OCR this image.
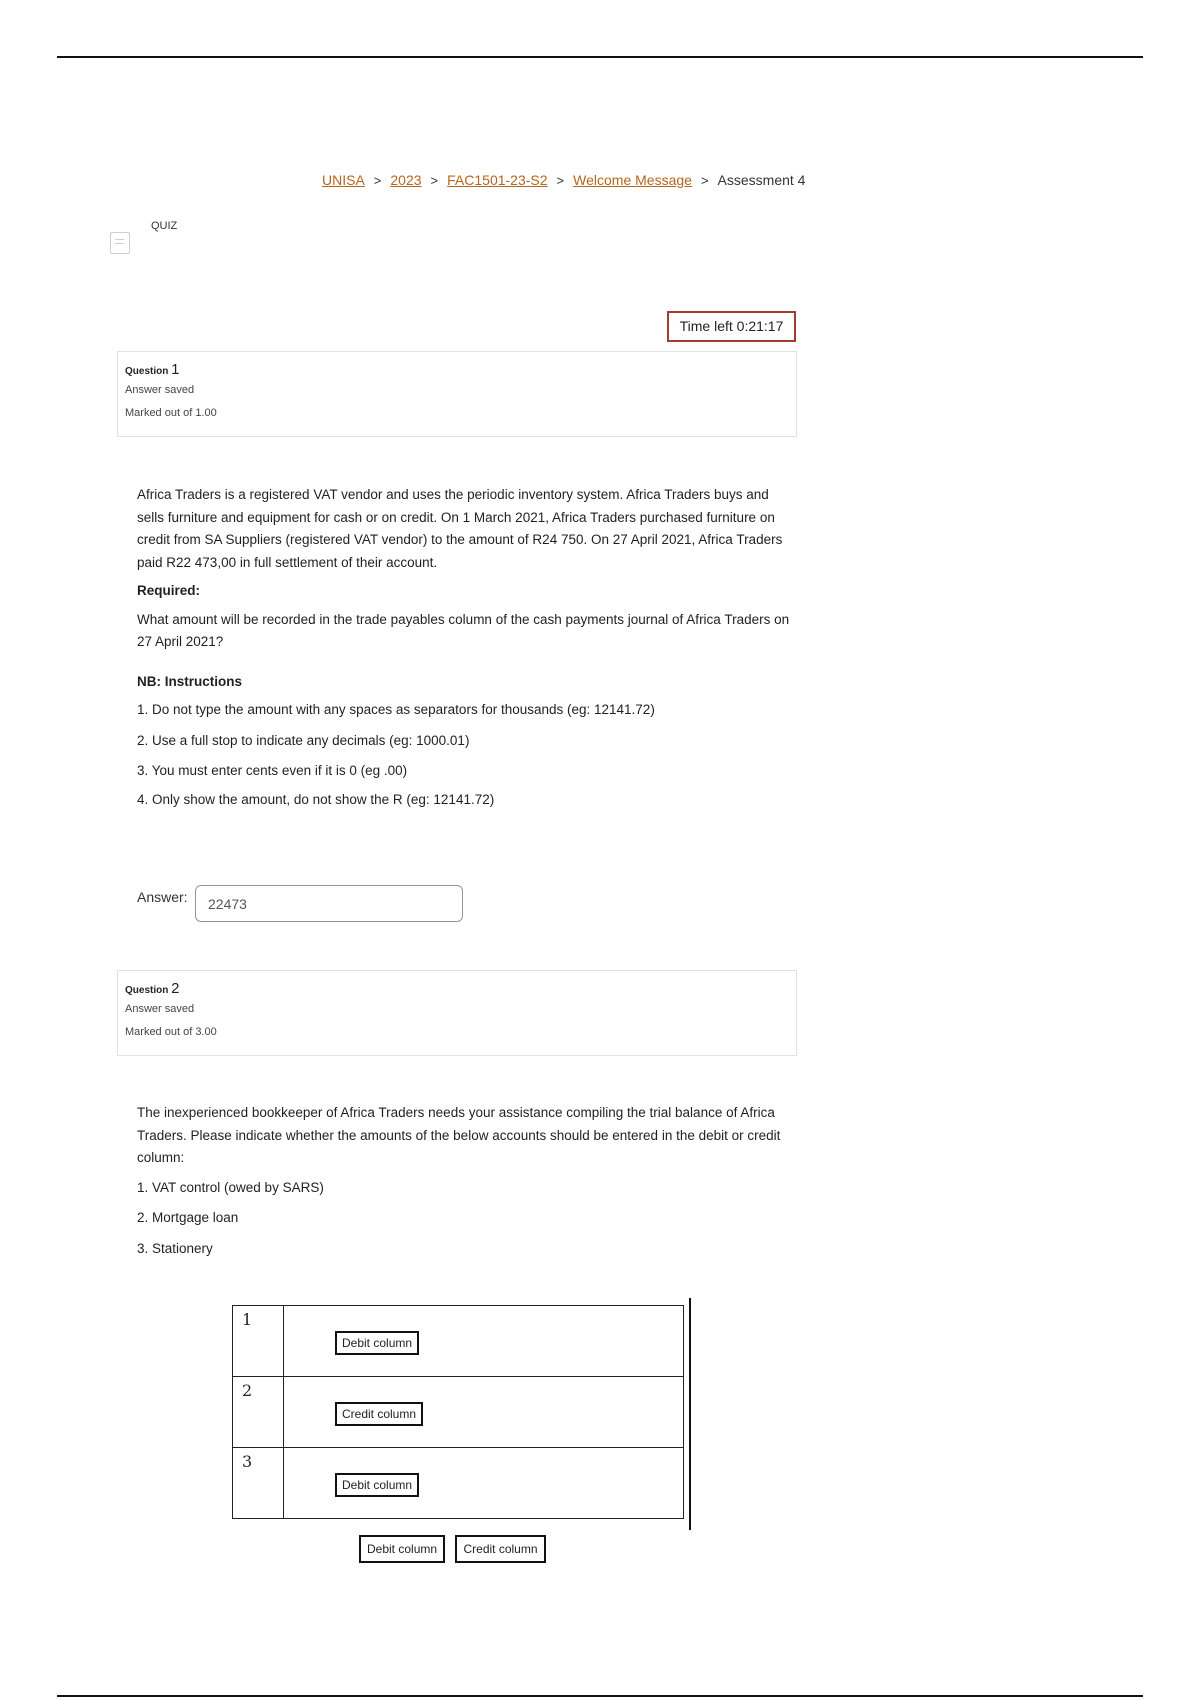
UNISA > 2023 > FAC1501-23-S2 > Welcome Message > Assessment 4
QUIZ
Time left 0:21:17
Question 1
Answer saved
Marked out of 1.00

Africa Traders is a registered VAT vendor and uses the periodic inventory system. Africa Traders buys and sells furniture and equipment for cash or on credit. On 1 March 2021, Africa Traders purchased furniture on credit from SA Suppliers (registered VAT vendor) to the amount of R24 750. On 27 April 2021, Africa Traders paid R22 473,00 in full settlement of their account.

Required:

What amount will be recorded in the trade payables column of the cash payments journal of Africa Traders on 27 April 2021?

NB: Instructions

1. Do not type the amount with any spaces as separators for thousands (eg: 12141.72)

2. Use a full stop to indicate any decimals (eg: 1000.01)

3. You must enter cents even if it is 0 (eg .00)

4. Only show the amount, do not show the R (eg: 12141.72)

Answer:
22473
Question 2
Answer saved
Marked out of 3.00

The inexperienced bookkeeper of Africa Traders needs your assistance compiling the trial balance of Africa Traders. Please indicate whether the amounts of the below accounts should be entered in the debit or credit column:

1. VAT control (owed by SARS)

2. Mortgage loan

3. Stationery

1	Debit column
2	Credit column
3	Debit column
Debit column Credit column
